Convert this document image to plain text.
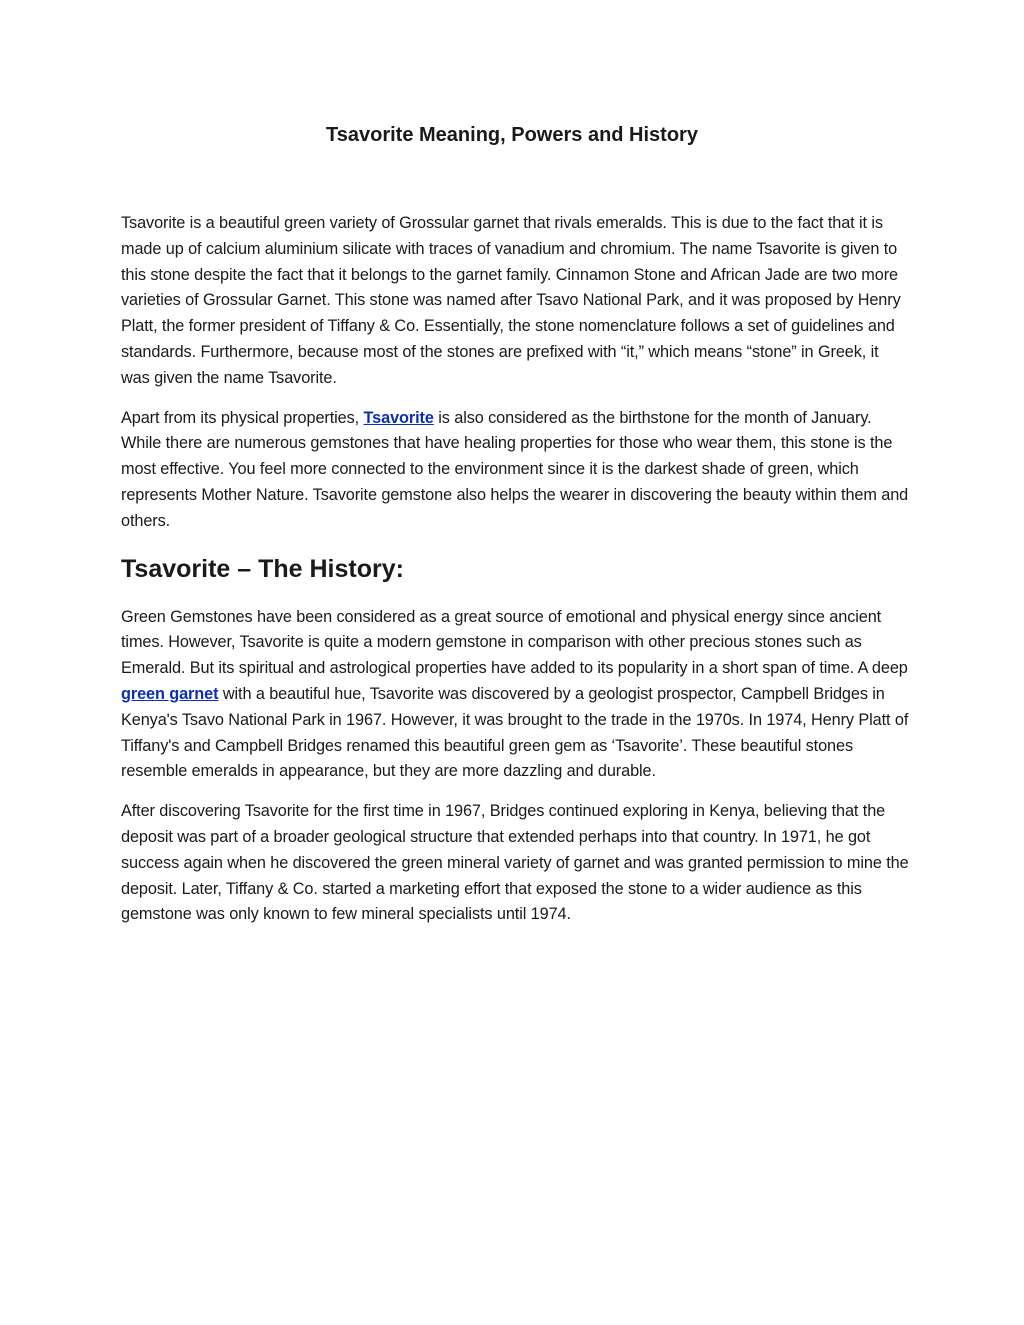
Tsavorite Meaning, Powers and History

Tsavorite is a beautiful green variety of Grossular garnet that rivals emeralds. This is due to the fact that it is made up of calcium aluminium silicate with traces of vanadium and chromium. The name Tsavorite is given to this stone despite the fact that it belongs to the garnet family. Cinnamon Stone and African Jade are two more varieties of Grossular Garnet. This stone was named after Tsavo National Park, and it was proposed by Henry Platt, the former president of Tiffany & Co. Essentially, the stone nomenclature follows a set of guidelines and standards. Furthermore, because most of the stones are prefixed with “it,” which means “stone” in Greek, it was given the name Tsavorite.

Apart from its physical properties, Tsavorite is also considered as the birthstone for the month of January. While there are numerous gemstones that have healing properties for those who wear them, this stone is the most effective. You feel more connected to the environment since it is the darkest shade of green, which represents Mother Nature. Tsavorite gemstone also helps the wearer in discovering the beauty within them and others.

Tsavorite – The History:

Green Gemstones have been considered as a great source of emotional and physical energy since ancient times. However, Tsavorite is quite a modern gemstone in comparison with other precious stones such as Emerald. But its spiritual and astrological properties have added to its popularity in a short span of time. A deep green garnet with a beautiful hue, Tsavorite was discovered by a geologist prospector, Campbell Bridges in Kenya's Tsavo National Park in 1967. However, it was brought to the trade in the 1970s. In 1974, Henry Platt of Tiffany's and Campbell Bridges renamed this beautiful green gem as ‘Tsavorite’. These beautiful stones resemble emeralds in appearance, but they are more dazzling and durable.

After discovering Tsavorite for the first time in 1967, Bridges continued exploring in Kenya, believing that the deposit was part of a broader geological structure that extended perhaps into that country. In 1971, he got success again when he discovered the green mineral variety of garnet and was granted permission to mine the deposit. Later, Tiffany & Co. started a marketing effort that exposed the stone to a wider audience as this gemstone was only known to few mineral specialists until 1974.
